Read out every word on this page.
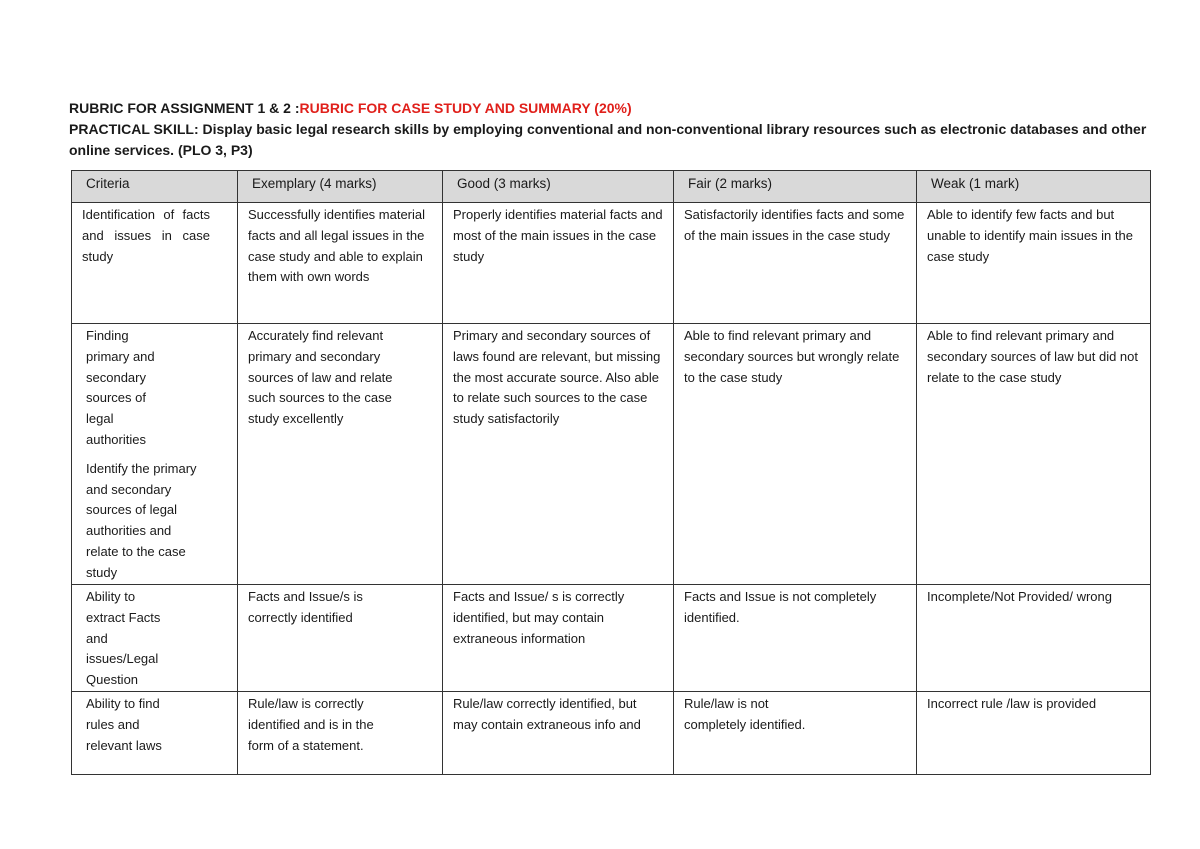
RUBRIC FOR ASSIGNMENT 1 & 2 :RUBRIC FOR CASE STUDY AND SUMMARY (20%)
PRACTICAL SKILL: Display basic legal research skills by employing conventional and non-conventional library resources such as electronic databases and other
online services. (PLO 3, P3)
Criteria	Exemplary (4 marks)	Good (3 marks)	Fair (2 marks)	Weak (1 mark)

Identification of facts and issues in case study	Successfully identifies material facts and all legal issues in the case study and able to explain them with own words	Properly identifies material facts and most of the main issues in the case study	Satisfactorily identifies facts and some of the main issues in the case study	Able to identify few facts and but unable to identify main issues in the case study

Finding primary and secondary sources of legal authorities
Identify the primary and secondary sources of legal authorities and relate to the case study	Accurately find relevant primary and secondary sources of law and relate such sources to the case study excellently	Primary and secondary sources of laws found are relevant, but missing the most accurate source. Also able to relate such sources to the case study satisfactorily	Able to find relevant primary and secondary sources but wrongly relate to the case study	Able to find relevant primary and secondary sources of law but did not relate to the case study

Ability to extract Facts and issues/Legal Question	Facts and Issue/s is correctly identified	Facts and Issue/ s is correctly identified, but may contain extraneous information	Facts and Issue is not completely identified.	Incomplete/Not Provided/ wrong

Ability to find rules and relevant laws	Rule/law is correctly identified and is in the form of a statement.	Rule/law correctly identified, but may contain extraneous info and	Rule/law is not completely identified.	Incorrect rule /law is provided
